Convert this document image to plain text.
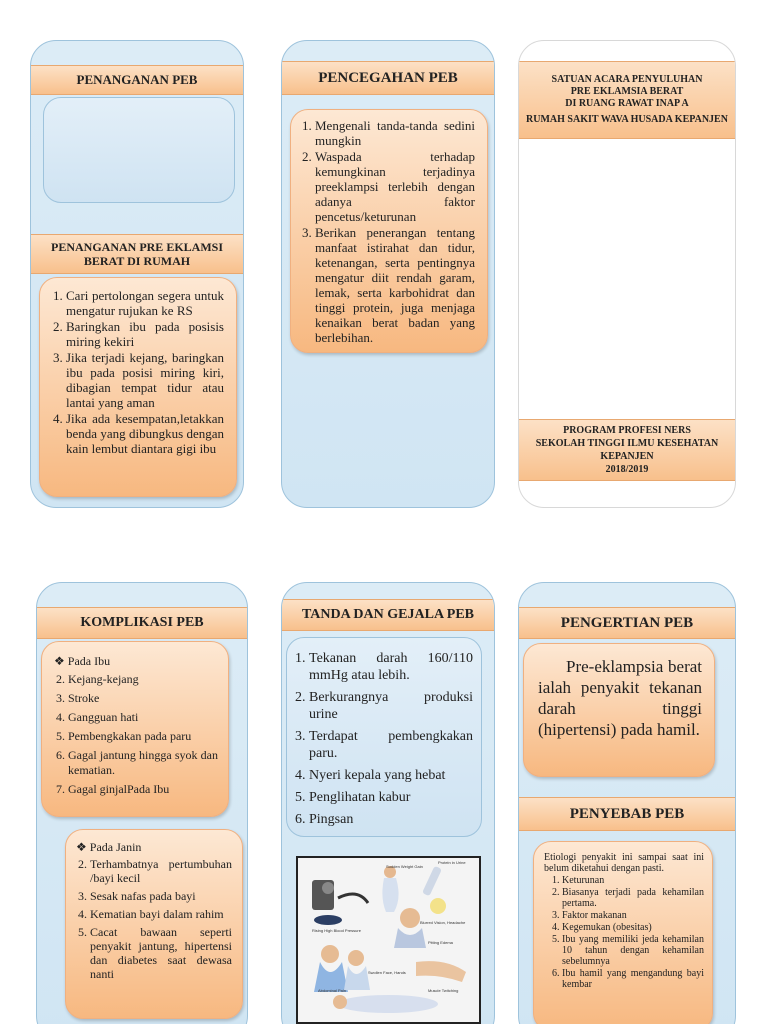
PENANGANAN PEB
PENANGANAN PRE EKLAMSI BERAT DI RUMAH
1. Cari pertolongan segera untuk mengatur rujukan ke RS
2. Baringkan ibu pada posisis miring kekiri
3. Jika terjadi kejang, baringkan ibu pada posisi miring kiri, dibagian tempat tidur atau lantai yang aman
4. Jika ada kesempatan,letakkan benda yang dibungkus dengan kain lembut diantara gigi ibu
PENCEGAHAN PEB
1. Mengenali tanda-tanda sedini mungkin
2. Waspada terhadap kemungkinan terjadinya preeklampsi terlebih dengan adanya faktor pencetus/keturunan
3. Berikan penerangan tentang manfaat istirahat dan tidur, ketenangan, serta pentingnya mengatur diit rendah garam, lemak, serta karbohidrat dan tinggi protein, juga menjaga kenaikan berat badan yang berlebihan.
SATUAN ACARA PENYULUHAN
PRE EKLAMSIA BERAT
DI RUANG RAWAT INAP A
RUMAH SAKIT WAVA HUSADA KEPANJEN
PROGRAM PROFESI NERS
SEKOLAH TINGGI ILMU KESEHATAN KEPANJEN
2018/2019
KOMPLIKASI PEB
❖ Pada Ibu
2. Kejang-kejang
3. Stroke
4. Gangguan hati
5. Pembengkakan pada paru
6. Gagal jantung hingga syok dan kematian.
7. Gagal ginjalPada Ibu
❖ Pada Janin
2. Terhambatnya pertumbuhan /bayi kecil
3. Sesak nafas pada bayi
4. Kematian bayi dalam rahim
5. Cacat bawaan seperti penyakit jantung, hipertensi dan diabetes saat dewasa nanti
TANDA DAN GEJALA PEB
1. Tekanan darah 160/110 mmHg atau lebih.
2. Berkurangnya produksi urine
3. Terdapat pembengkakan paru.
4. Nyeri kepala yang hebat
5. Penglihatan kabur
6. Pingsan
Sudden Weight Gain
Protein in Urine
Rising High Blood Pressure
Blurred Vision, Headache
Pitting Edema
Swollen Face, Hands
Abdominal Pain	Muscle Twitching
PENGERTIAN PEB

Pre-eklampsia berat ialah penyakit tekanan darah tinggi (hipertensi) pada hamil.

PENYEBAB PEB

Etiologi penyakit ini sampai saat ini belum diketahui dengan pasti.

1. Keturunan
2. Biasanya terjadi pada kehamilan pertama.
3. Faktor makanan
4. Kegemukan (obesitas)
5. Ibu yang memiliki jeda kehamilan 10 tahun dengan kehamilan sebelumnya
6. Ibu hamil yang mengandung bayi kembar
